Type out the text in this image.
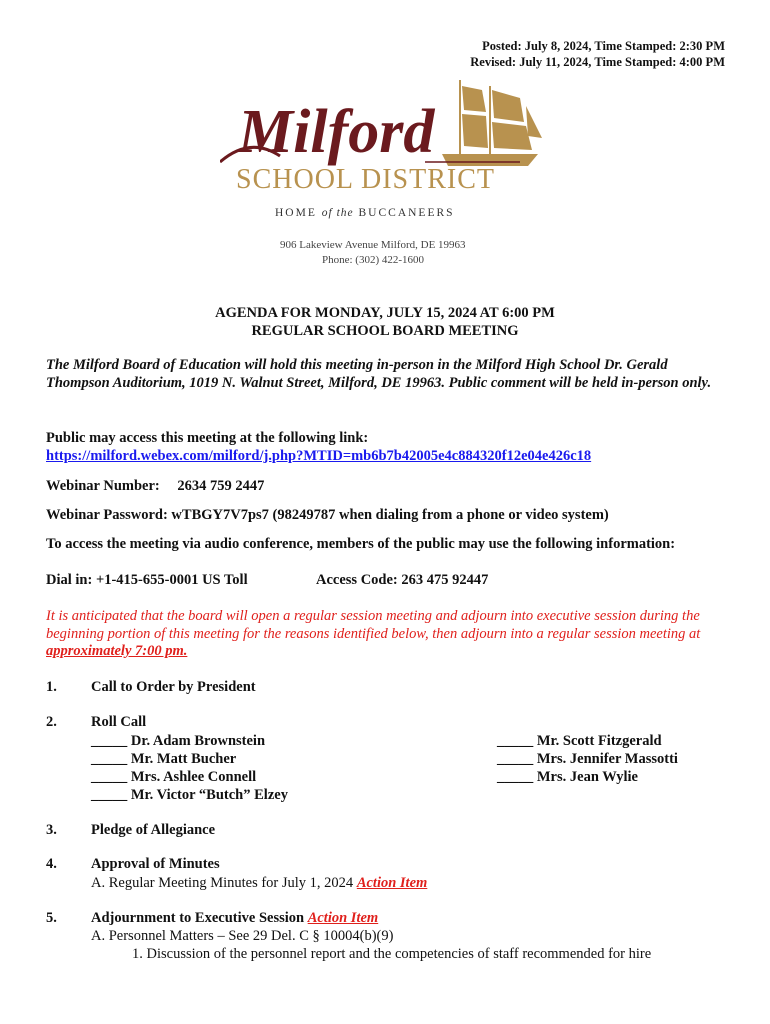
Posted: July 8, 2024, Time Stamped: 2:30 PM
Revised: July 11, 2024, Time Stamped: 4:00 PM
Milford
SCHOOL DISTRICT
HOME of the BUCCANEERS
906 Lakeview Avenue Milford, DE 19963
Phone: (302) 422-1600
AGENDA FOR MONDAY, JULY 15, 2024 AT 6:00 PM
REGULAR SCHOOL BOARD MEETING
The Milford Board of Education will hold this meeting in-person in the Milford High School Dr. Gerald Thompson Auditorium, 1019 N. Walnut Street, Milford, DE 19963. Public comment will be held in-person only.
Public may access this meeting at the following link:
https://milford.webex.com/milford/j.php?MTID=mb6b7b42005e4c884320f12e04e426c18
Webinar Number: 2634 759 2447
Webinar Password: wTBGY7V7ps7 (98249787 when dialing from a phone or video system)
To access the meeting via audio conference, members of the public may use the following information:
Dial in: +1-415-655-0001 US Toll	Access Code: 263 475 92447
It is anticipated that the board will open a regular session meeting and adjourn into executive session during the beginning portion of this meeting for the reasons identified below, then adjourn into a regular session meeting at approximately 7:00 pm.
1. Call to Order by President
2. Roll Call
_____ Dr. Adam Brownstein
_____ Mr. Matt Bucher
_____ Mrs. Ashlee Connell
_____ Mr. Victor “Butch” Elzey
_____ Mr. Scott Fitzgerald
_____ Mrs. Jennifer Massotti
_____ Mrs. Jean Wylie
3. Pledge of Allegiance
4. Approval of Minutes
A. Regular Meeting Minutes for July 1, 2024 Action Item
5. Adjournment to Executive Session Action Item
A. Personnel Matters – See 29 Del. C § 10004(b)(9)
1. Discussion of the personnel report and the competencies of staff recommended for hire
